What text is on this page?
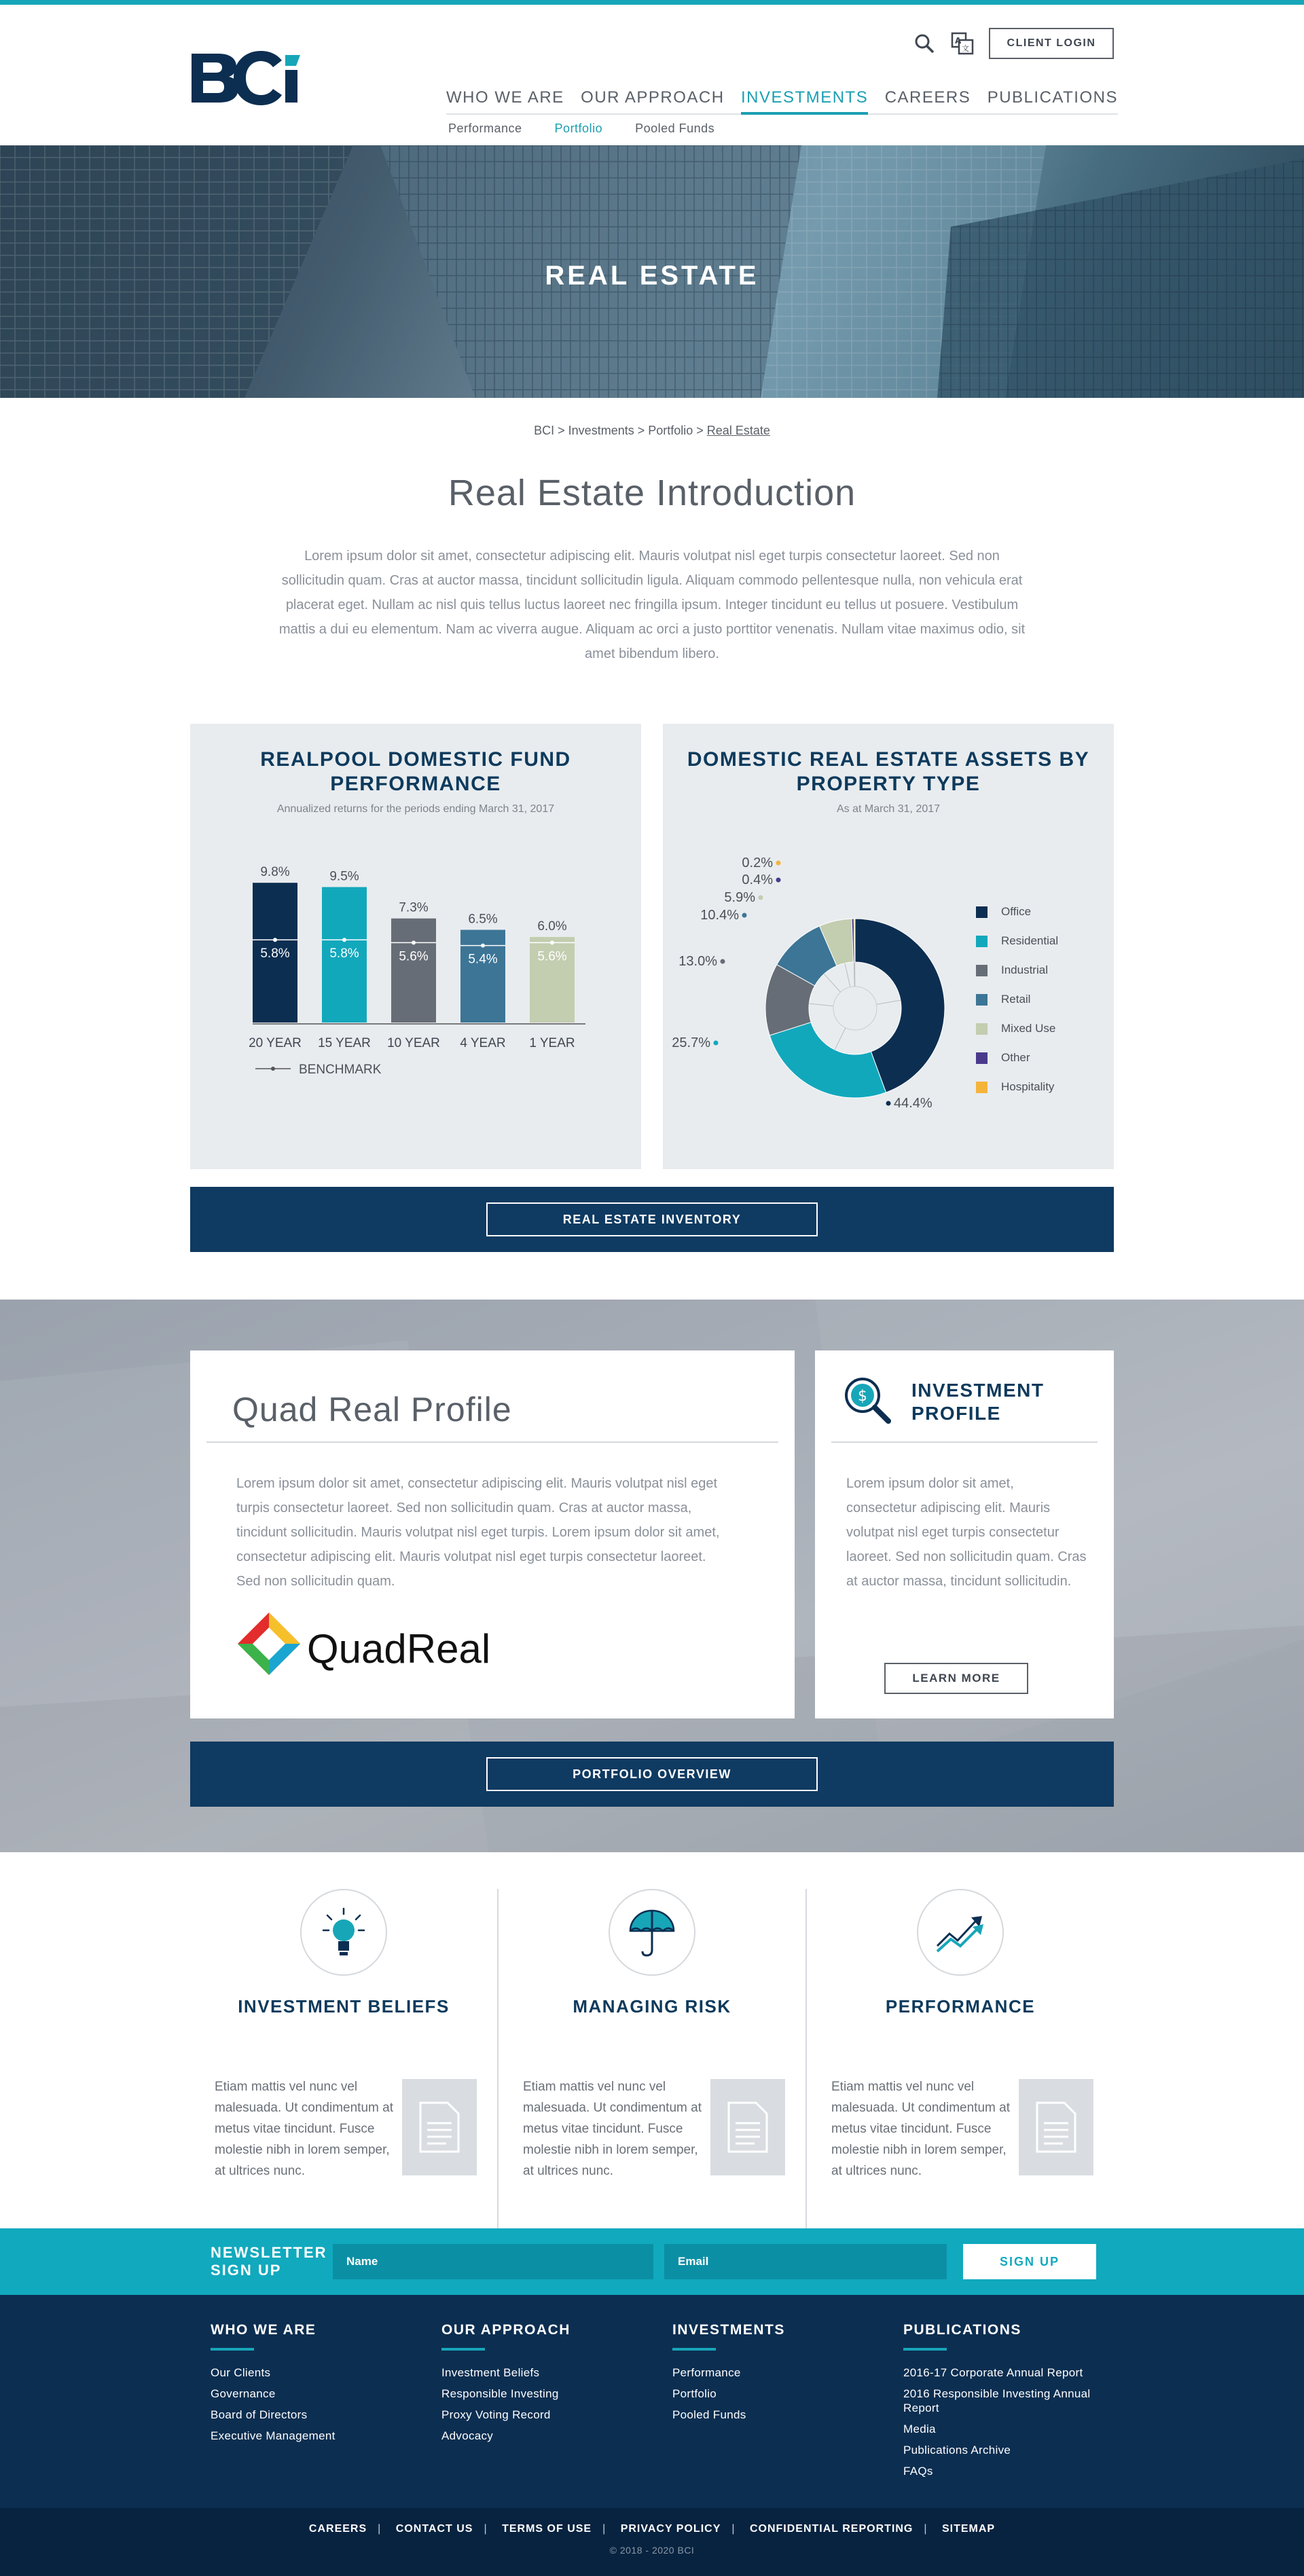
A
文	CLIENT LOGIN
WHO WE ARE OUR APPROACH INVESTMENTS CAREERS PUBLICATIONS
Performance	Portfolio	Pooled Funds
REAL ESTATE
BCI > Investments > Portfolio > Real Estate
Real Estate Introduction

Lorem ipsum dolor sit amet, consectetur adipiscing elit. Mauris volutpat nisl eget turpis consectetur laoreet. Sed non sollicitudin quam. Cras at auctor massa, tincidunt sollicitudin ligula. Aliquam commodo pellentesque nulla, non vehicula erat placerat eget. Nullam ac nisl quis tellus luctus laoreet nec fringilla ipsum. Integer tincidunt eu tellus ut posuere. Vestibulum mattis a dui eu elementum. Nam ac viverra augue. Aliquam ac orci a justo porttitor venenatis. Nullam vitae maximus odio, sit amet bibendum libero.

REALPOOL DOMESTIC FUND PERFORMANCE
Annualized returns for the periods ending March 31, 2017
9.8%
5.8%
20 YEAR
9.5%
5.8%
15 YEAR
7.3%
5.6%
10 YEAR
6.5%
5.4%
4 YEAR
6.0%
5.6%
1 YEAR
BENCHMARK
DOMESTIC REAL ESTATE ASSETS BY PROPERTY TYPE
As at March 31, 2017
44.4%
25.7%
13.0%
10.4%
5.9%
0.4%
0.2%
Office
Residential
Industrial
Retail
Mixed Use
Other
Hospitality
REAL ESTATE INVENTORY
Quad Real Profile

Lorem ipsum dolor sit amet, consectetur adipiscing elit. Mauris volutpat nisl eget turpis consectetur laoreet. Sed non sollicitudin quam. Cras at auctor massa, tincidunt sollicitudin. Mauris volutpat nisl eget turpis. Lorem ipsum dolor sit amet, consectetur adipiscing elit. Mauris volutpat nisl eget turpis consectetur laoreet. Sed non sollicitudin quam.

QuadReal
$ INVESTMENT
PROFILE

Lorem ipsum dolor sit amet, consectetur adipiscing elit. Mauris volutpat nisl eget turpis consectetur laoreet. Sed non sollicitudin quam. Cras at auctor massa, tincidunt sollicitudin.

LEARN MORE
PORTFOLIO OVERVIEW
INVESTMENT BELIEFS

Etiam mattis vel nunc vel malesuada. Ut condimentum at metus vitae tincidunt. Fusce molestie nibh in lorem semper, at ultrices nunc.

MANAGING RISK

Etiam mattis vel nunc vel malesuada. Ut condimentum at metus vitae tincidunt. Fusce molestie nibh in lorem semper, at ultrices nunc.

PERFORMANCE

Etiam mattis vel nunc vel malesuada. Ut condimentum at metus vitae tincidunt. Fusce molestie nibh in lorem semper, at ultrices nunc.

NEWSLETTER
SIGN UP
Name	Email	SIGN UP
WHO WE ARE
Our Clients
Governance
Board of Directors
Executive Management
OUR APPROACH
Investment Beliefs
Responsible Investing
Proxy Voting Record
Advocacy
INVESTMENTS
Performance
Portfolio
Pooled Funds
PUBLICATIONS
2016-17 Corporate Annual Report
2016 Responsible Investing Annual Report
Media
Publications Archive
FAQs
CAREERS | CONTACT US | TERMS OF USE | PRIVACY POLICY | CONFIDENTIAL REPORTING | SITEMAP
© 2018 - 2020 BCI
